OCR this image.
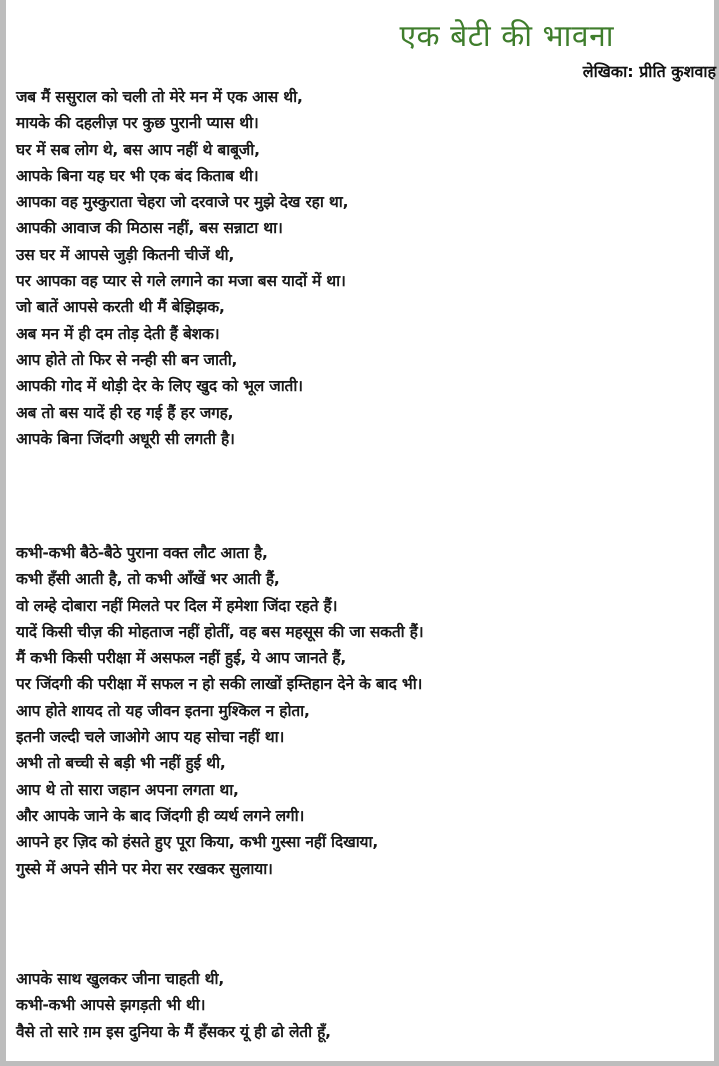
एक बेटी की भावना
लेखिका: प्रीति कुशवाह
जब मैं ससुराल को चली तो मेरे मन में एक आस थी,
मायके की दहलीज़ पर कुछ पुरानी प्यास थी।
घर में सब लोग थे, बस आप नहीं थे बाबूजी,
आपके बिना यह घर भी एक बंद किताब थी।
आपका वह मुस्कुराता चेहरा जो दरवाजे पर मुझे देख रहा था,
आपकी आवाज की मिठास नहीं, बस सन्नाटा था।
उस घर में आपसे जुड़ी कितनी चीजें थी,
पर आपका वह प्यार से गले लगाने का मजा बस यादों में था।
जो बातें आपसे करती थी मैं बेझिझक,
अब मन में ही दम तोड़ देती हैं बेशक।
आप होते तो फिर से नन्ही सी बन जाती,
आपकी गोद में थोड़ी देर के लिए खुद को भूल जाती।
अब तो बस यादें ही रह गई हैं हर जगह,
आपके बिना जिंदगी अधूरी सी लगती है।
कभी-कभी बैठे-बैठे पुराना वक्त लौट आता है,
कभी हँसी आती है, तो कभी आँखें भर आती हैं,
वो लम्हे दोबारा नहीं मिलते पर दिल में हमेशा जिंदा रहते हैं।
यादें किसी चीज़ की मोहताज नहीं होतीं, वह बस महसूस की जा सकती हैं।
मैं कभी किसी परीक्षा में असफल नहीं हुई, ये आप जानते हैं,
पर जिंदगी की परीक्षा में सफल न हो सकी लाखों इम्तिहान देने के बाद भी।
आप होते शायद तो यह जीवन इतना मुश्किल न होता,
इतनी जल्दी चले जाओगे आप यह सोचा नहीं था।
अभी तो बच्ची से बड़ी भी नहीं हुई थी,
आप थे तो सारा जहान अपना लगता था,
और आपके जाने के बाद जिंदगी ही व्यर्थ लगने लगी।
आपने हर ज़िद को हंसते हुए पूरा किया, कभी गुस्सा नहीं दिखाया,
गुस्से में अपने सीने पर मेरा सर रखकर सुलाया।
आपके साथ खुलकर जीना चाहती थी,
कभी-कभी आपसे झगड़ती भी थी।
वैसे तो सारे ग़म इस दुनिया के मैं हँसकर यूं ही ढो लेती हूँ,
